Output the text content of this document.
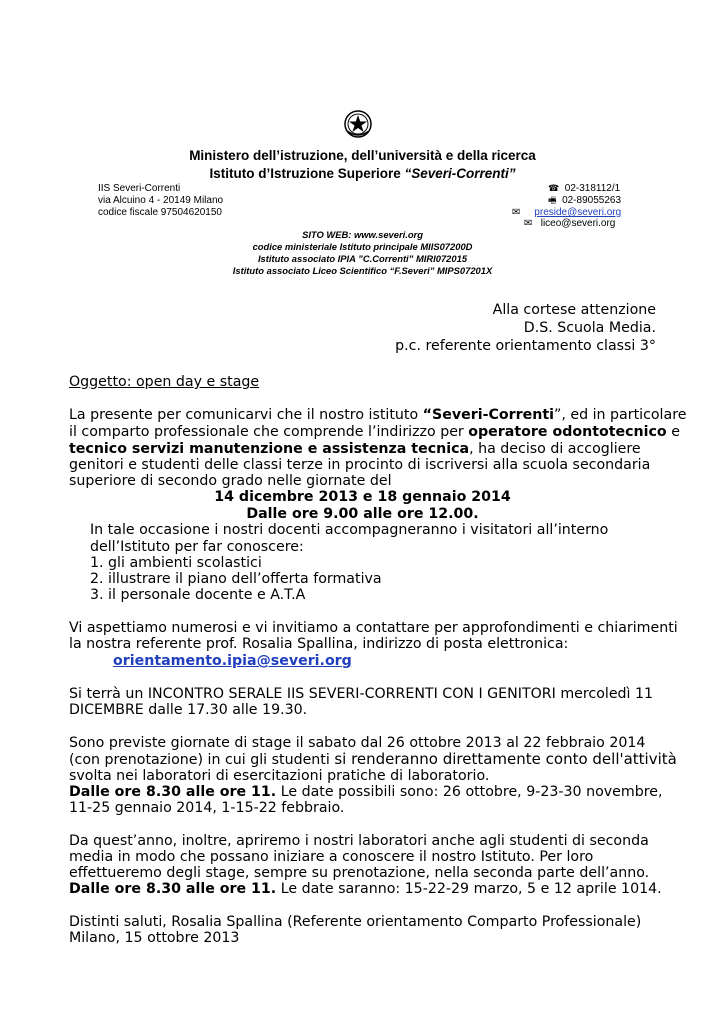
Ministero dell’istruzione, dell’università e della ricerca
Istituto d’Istruzione Superiore “Severi-Correnti”
IIS Severi-Correnti
via Alcuino 4 - 20149 Milano
codice fiscale 97504620150
☎ 02-318112/1
🖷 02-89055263
✉ preside@severi.org
✉ liceo@severi.org
SITO WEB: www.severi.org
codice ministeriale Istituto principale MIIS07200D
Istituto associato IPIA ”C.Correnti” MIRI072015
Istituto associato Liceo Scientifico “F.Severi” MIPS07201X
Alla cortese attenzione
D.S. Scuola Media.
p.c. referente orientamento classi 3°
Oggetto: open day e stage
La presente per comunicarvi che il nostro istituto “Severi-Correnti”, ed in particolare
il comparto professionale che comprende l’indirizzo per operatore odontotecnico e
tecnico servizi manutenzione e assistenza tecnica, ha deciso di accogliere
genitori e studenti delle classi terze in procinto di iscriversi alla scuola secondaria
superiore di secondo grado nelle giornate del
14 dicembre 2013 e 18 gennaio 2014
Dalle ore 9.00 alle ore 12.00.
In tale occasione i nostri docenti accompagneranno i visitatori all’interno
dell’Istituto per far conoscere:
1. gli ambienti scolastici
2. illustrare il piano dell’offerta formativa
3. il personale docente e A.T.A
Vi aspettiamo numerosi e vi invitiamo a contattare per approfondimenti e chiarimenti
la nostra referente prof. Rosalia Spallina, indirizzo di posta elettronica:
orientamento.ipia@severi.org
Si terrà un INCONTRO SERALE IIS SEVERI-CORRENTI CON I GENITORI mercoledì 11
DICEMBRE dalle 17.30 alle 19.30.
Sono previste giornate di stage il sabato dal 26 ottobre 2013 al 22 febbraio 2014
(con prenotazione) in cui gli studenti si renderanno direttamente conto dell'attività
svolta nei laboratori di esercitazioni pratiche di laboratorio.
Dalle ore 8.30 alle ore 11. Le date possibili sono: 26 ottobre, 9-23-30 novembre,
11-25 gennaio 2014, 1-15-22 febbraio.
Da quest’anno, inoltre, apriremo i nostri laboratori anche agli studenti di seconda
media in modo che possano iniziare a conoscere il nostro Istituto. Per loro
effettueremo degli stage, sempre su prenotazione, nella seconda parte dell’anno.
Dalle ore 8.30 alle ore 11. Le date saranno: 15-22-29 marzo, 5 e 12 aprile 1014.
Distinti saluti, Rosalia Spallina (Referente orientamento Comparto Professionale)
Milano, 15 ottobre 2013
